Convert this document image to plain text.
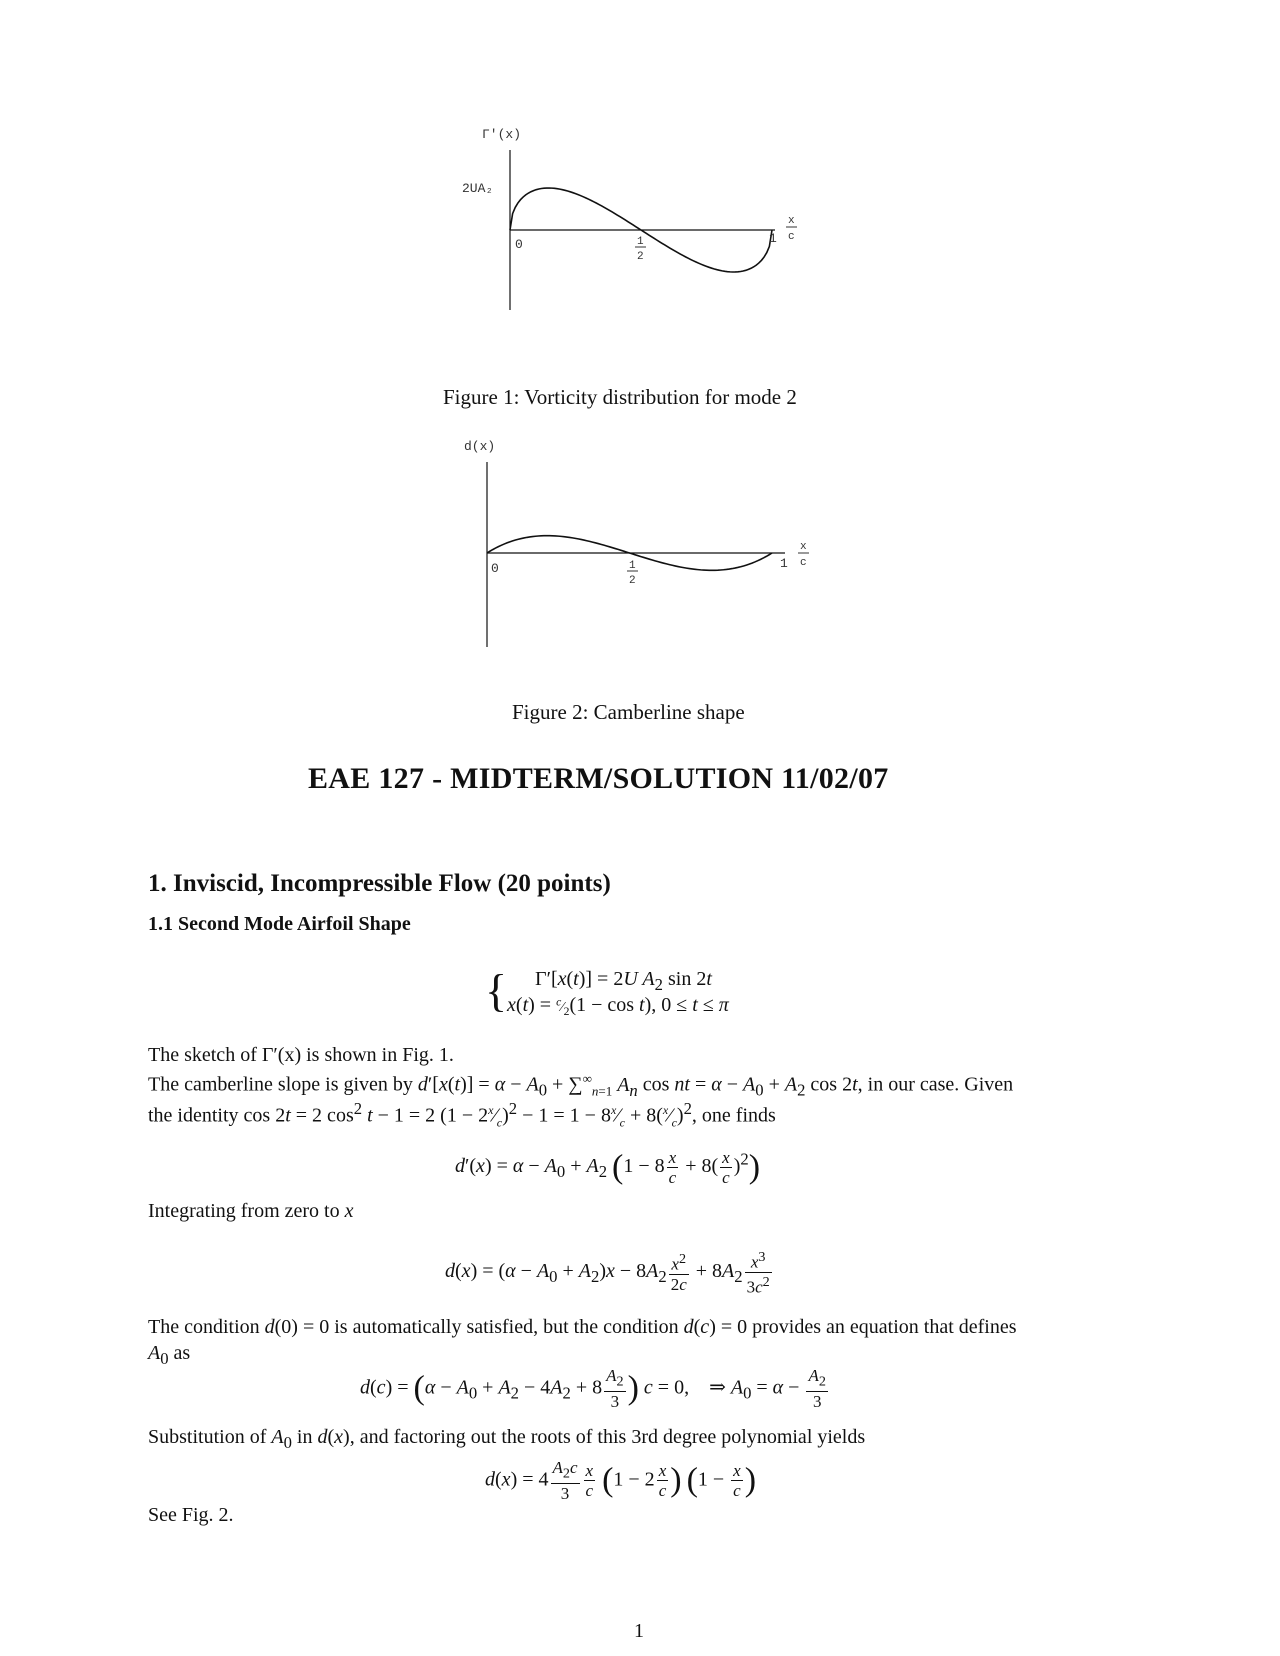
Γ'(x)
2UA₂
0	1
2
1
x
c
Figure 1: Vorticity distribution for mode 2
d(x)
0	1
2
1
x
c
Figure 2: Camberline shape
EAE 127 - MIDTERM/SOLUTION 11/02/07
1. Inviscid, Incompressible Flow (20 points)
1.1 Second Mode Airfoil Shape
{ Γ′[x(t)] = 2U $A_2$ sin 2t
$x(t) = ^c⁄_2(1 - \cos t)$, 0 ≤ t ≤ π
The sketch of Γ′(x) is shown in Fig. 1.
The camberline slope is given by $d'[x(t)] = \alpha - A_0 + \sum^\infty_{n=1}$ $A_n$ cos nt = $\alpha - A_0 + A_2$ cos 2t, in our case. Given
the identity cos 2t = 2 $\cos^2 t - 1 = 2$ $(1 - 2^x⁄_c)^2 - 1 = 1$ − $8^x⁄_c$ + $8(^x⁄_c)^2$, one finds
$d'(x) = \alpha - A_0 + A_2$ $(1 - 8 \frac{x}{c} + 8( \frac{x}{c} )^2)$
Integrating from zero to x
$d(x) = (\alpha - A_0 + A_2)x - 8A_2 \frac{x^2}{2c} + 8A_2 \frac{x^3}{3c^2}$
The condition d(0) = 0 is automatically satisfied, but the condition d(c) = 0 provides an equation that defines
$A_0$ as
$d(c) = (\alpha - A_0 + A_2 - 4A_2 + 8 \frac{A_2}{3}$ ) c = 0,    ⇒ $A_0 = \alpha - \frac{A_2}{3}$
Substitution of $A_0$ in d(x), and factoring out the roots of this 3rd degree polynomial yields
$d(x) = 4 \frac{A_2c}{3} \frac{x}{c} (1 - 2 \frac{x}{c}$ ) ($1 - \frac{x}{c}$ )
See Fig. 2.
1
